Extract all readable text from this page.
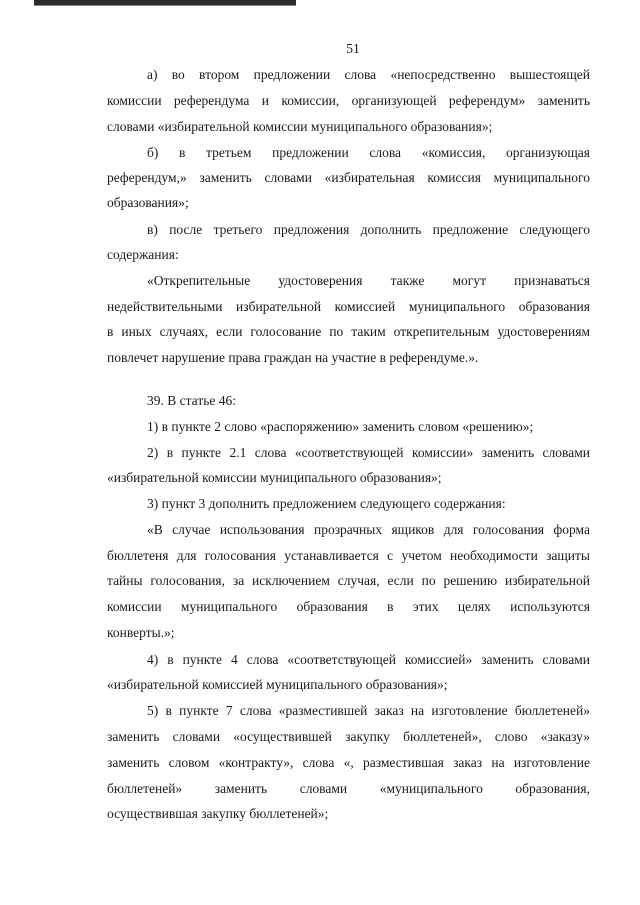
51
а) во втором предложении слова «непосредственно вышестоящей
комиссии референдума и комиссии, организующей референдум» заменить
словами «избирательной комиссии муниципального образования»;
б) в третьем предложении слова «комиссия, организующая
референдум,» заменить словами «избирательная комиссия муниципального
образования»;
в) после третьего предложения дополнить предложение следующего
содержания:
«Открепительные удостоверения также могут признаваться
недействительными избирательной комиссией муниципального образования
в иных случаях, если голосование по таким открепительным удостоверениям
повлечет нарушение права граждан на участие в референдуме.».
39. В статье 46:
1) в пункте 2 слово «распоряжению» заменить словом «решению»;
2) в пункте 2.1 слова «соответствующей комиссии» заменить словами
«избирательной комиссии муниципального образования»;
3) пункт 3 дополнить предложением следующего содержания:
«В случае использования прозрачных ящиков для голосования форма
бюллетеня для голосования устанавливается с учетом необходимости защиты
тайны голосования, за исключением случая, если по решению избирательной
комиссии муниципального образования в этих целях используются
конверты.»;
4) в пункте 4 слова «соответствующей комиссией» заменить словами
«избирательной комиссией муниципального образования»;
5) в пункте 7 слова «разместившей заказ на изготовление бюллетеней»
заменить словами «осуществившей закупку бюллетеней», слово «заказу»
заменить словом «контракту», слова «, разместившая заказ на изготовление
бюллетеней» заменить словами «муниципального образования,
осуществившая закупку бюллетеней»;
